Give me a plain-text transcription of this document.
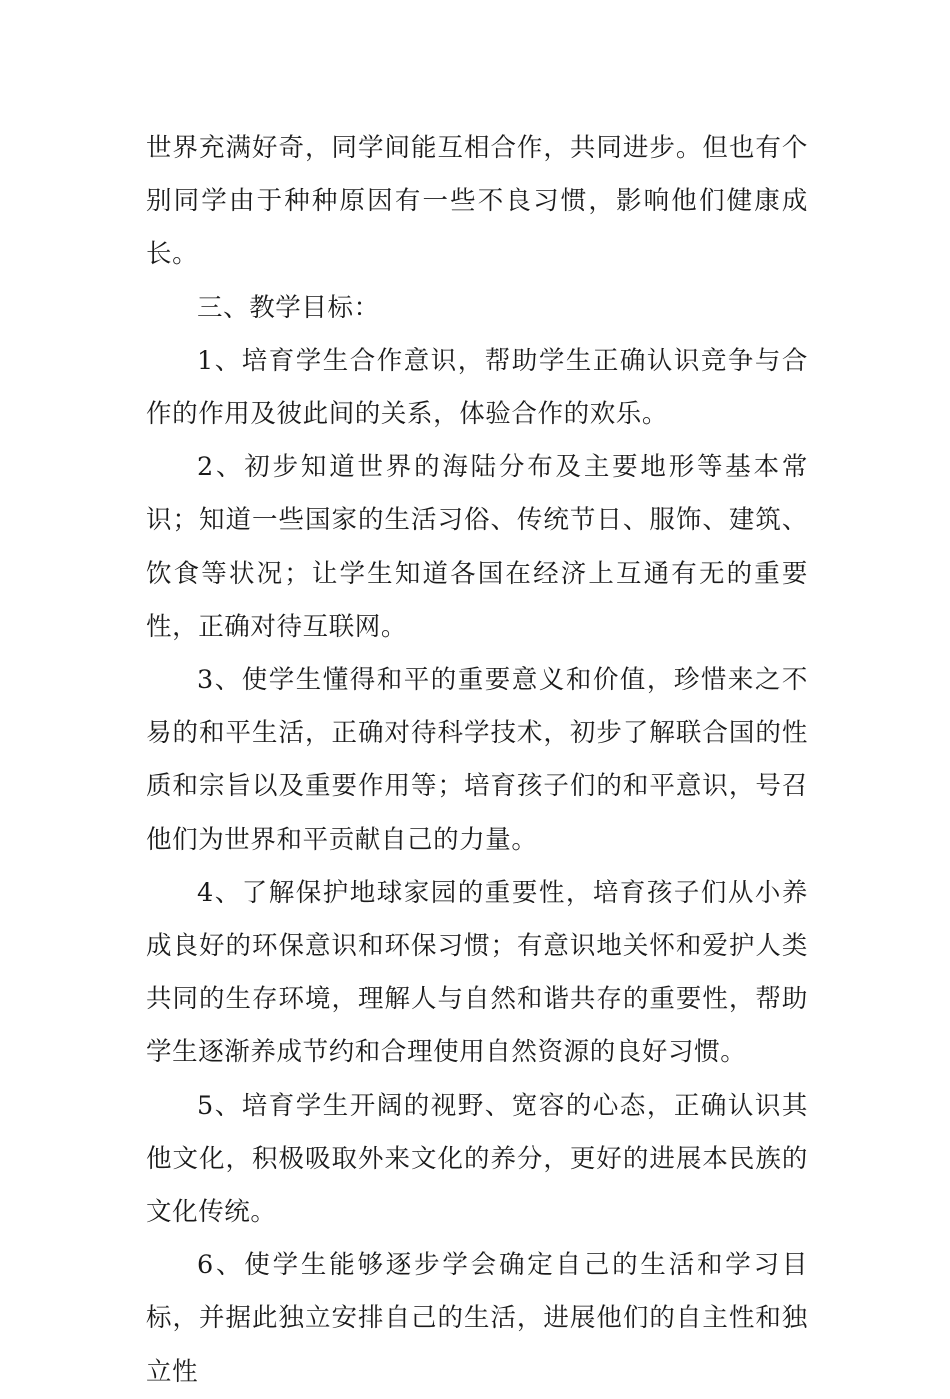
世界充满好奇，同学间能互相合作，共同进步。但也有个别同学由于种种原因有一些不良习惯，影响他们健康成长。

三、教学目标：

1、培育学生合作意识，帮助学生正确认识竞争与合作的作用及彼此间的关系，体验合作的欢乐。

2、初步知道世界的海陆分布及主要地形等基本常识；知道一些国家的生活习俗、传统节日、服饰、建筑、饮食等状况；让学生知道各国在经济上互通有无的重要性，正确对待互联网。

3、使学生懂得和平的重要意义和价值，珍惜来之不易的和平生活，正确对待科学技术，初步了解联合国的性质和宗旨以及重要作用等；培育孩子们的和平意识，号召他们为世界和平贡献自己的力量。

4、了解保护地球家园的重要性，培育孩子们从小养成良好的环保意识和环保习惯；有意识地关怀和爱护人类共同的生存环境，理解人与自然和谐共存的重要性，帮助学生逐渐养成节约和合理使用自然资源的良好习惯。

5、培育学生开阔的视野、宽容的心态，正确认识其他文化，积极吸取外来文化的养分，更好的进展本民族的文化传统。

6、使学生能够逐步学会确定自己的生活和学习目标，并据此独立安排自己的生活，进展他们的自主性和独立性
